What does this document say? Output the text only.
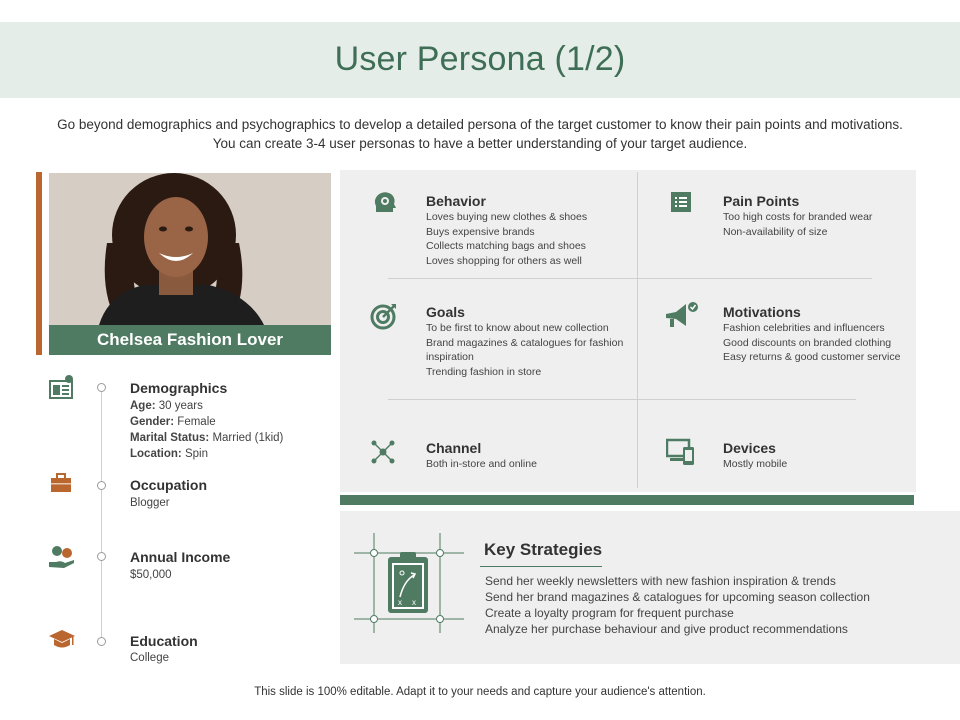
User Persona (1/2)
Go beyond demographics and psychographics to develop a detailed persona of the target customer to know their pain points and motivations.
You can create 3-4 user personas to have a better understanding of your target audience.
Chelsea Fashion Lover
Demographics
Age: 30 years
Gender: Female
Marital Status: Married (1kid)
Location: Spin
Occupation
Blogger
Annual Income
$50,000
Education
College
Behavior
Loves buying new clothes & shoes
Buys expensive brands
Collects matching bags and shoes
Loves shopping for others as well
Pain Points
Too high costs for branded wear
Non-availability of size
Goals
To be first to know about new collection
Brand magazines & catalogues for fashion
inspiration
Trending fashion in store
Motivations
Fashion celebrities and influencers
Good discounts on branded clothing
Easy returns & good customer service
Channel
Both in-store and online
Devices
Mostly mobile
x x
Key Strategies
Send her weekly newsletters with new fashion inspiration & trends
Send her brand magazines & catalogues for upcoming season collection
Create a loyalty program for frequent purchase
Analyze her purchase behaviour and give product recommendations
This slide is 100% editable. Adapt it to your needs and capture your audience's attention.
